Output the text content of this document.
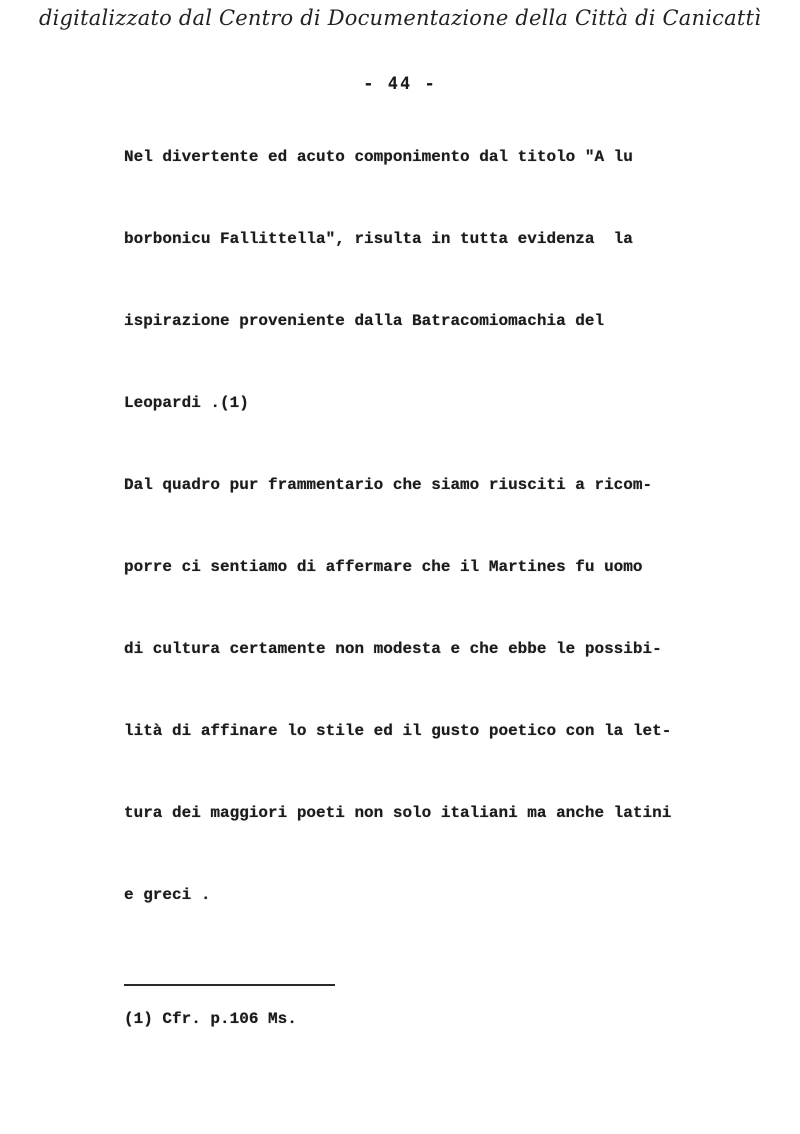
digitalizzato dal Centro di Documentazione della Città di Canicattì
- 44 -
Nel divertente ed acuto componimento dal titolo "A lu
borbonicu Fallittella", risulta in tutta evidenza  la
ispirazione proveniente dalla Batracomiomachia del
Leopardi .(1)
Dal quadro pur frammentario che siamo riusciti a ricom-
porre ci sentiamo di affermare che il Martines fu uomo
di cultura certamente non modesta e che ebbe le possibi-
lità di affinare lo stile ed il gusto poetico con la let-
tura dei maggiori poeti non solo italiani ma anche latini
e greci .
(1) Cfr. p.106 Ms.
